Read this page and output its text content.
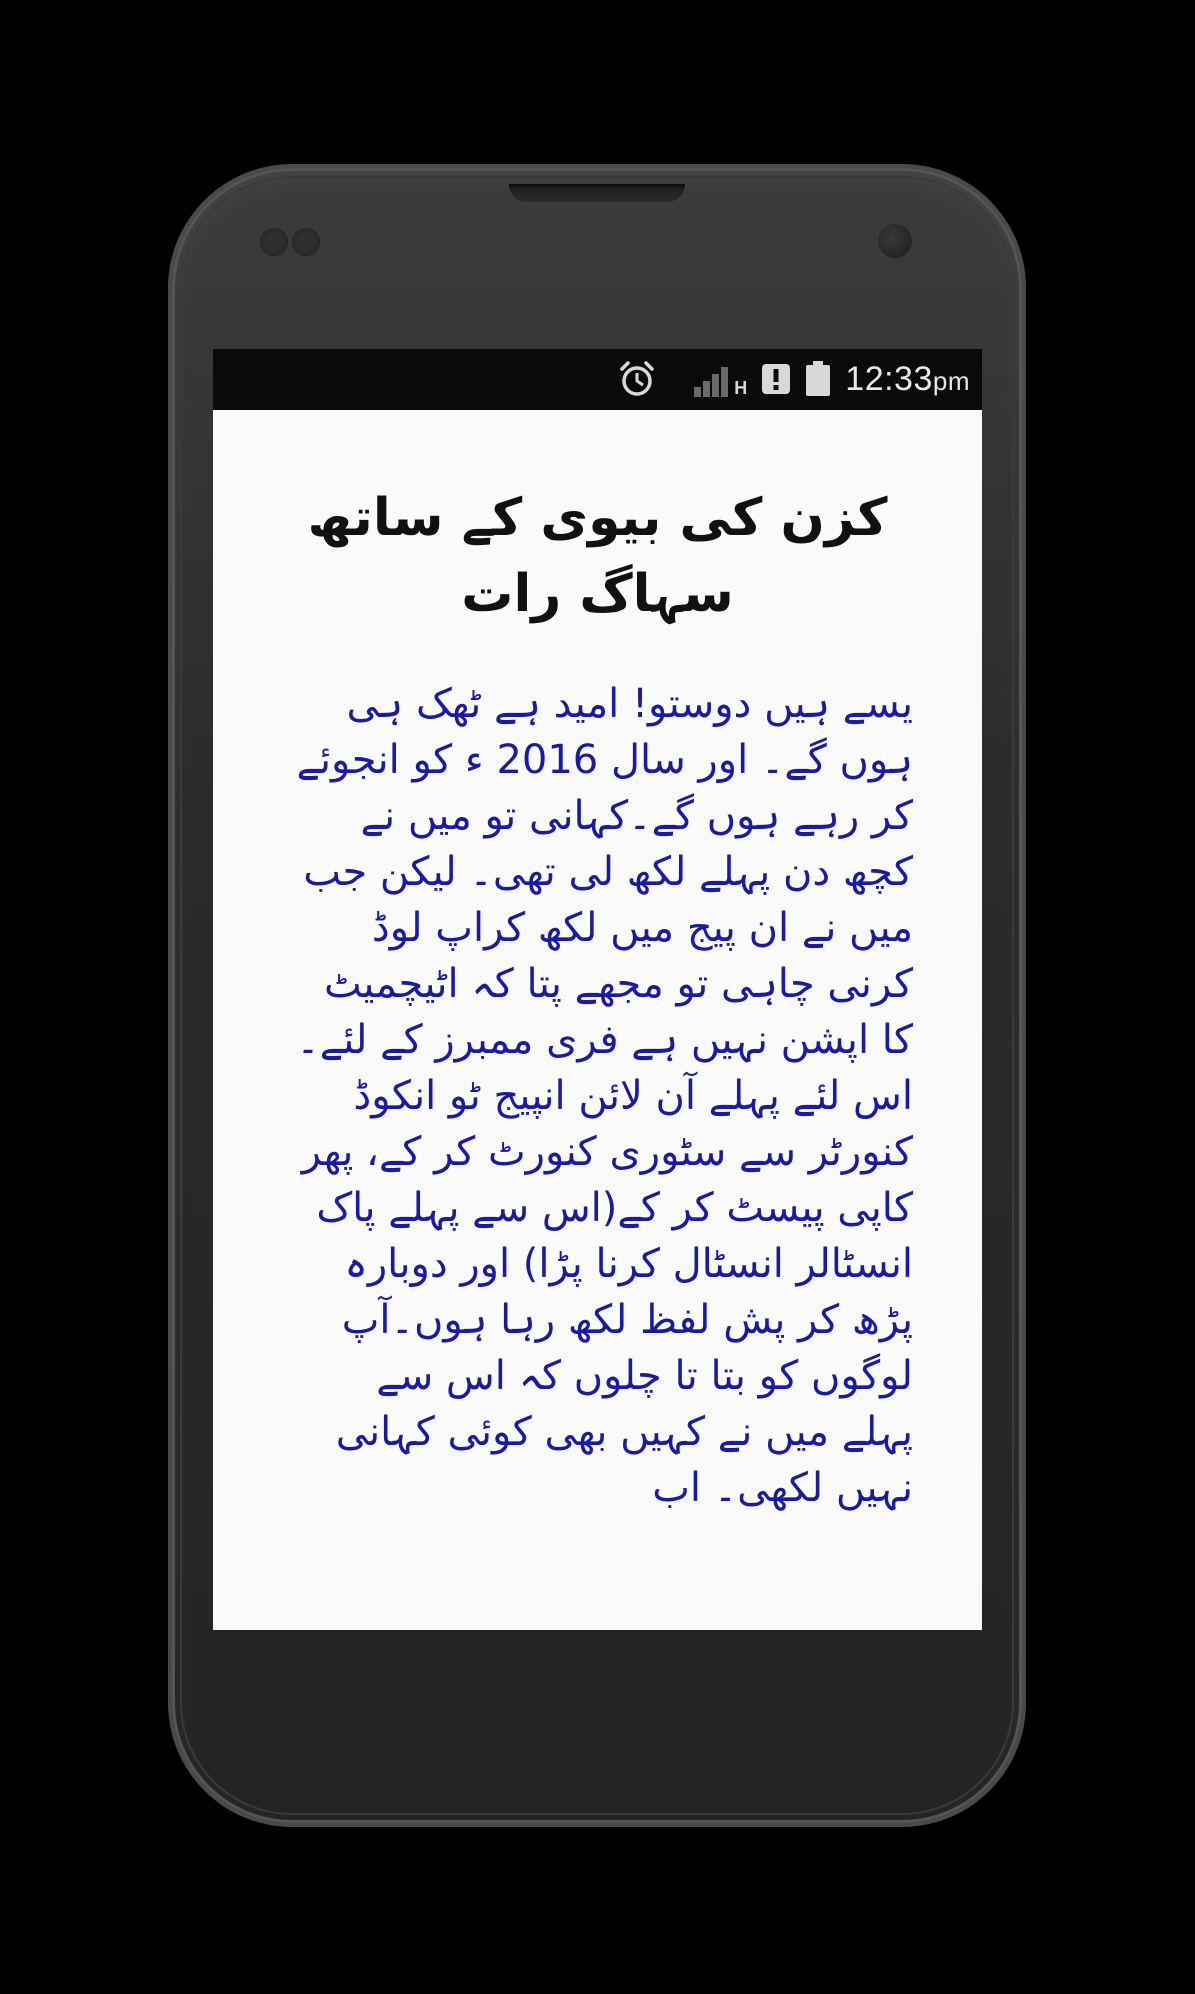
H	12:33pm
کزن کی بیوی کے ساتھ سہاگ رات

یسے ہیں دوستو! امید ہے ٹھک ہی ہوں گے۔ اور سال 2016 ء کو انجوئے کر رہے ہوں گے۔کہانی تو میں نے کچھ دن پہلے لکھ لی تھی۔ لیکن جب میں نے ان پیج میں لکھ کراپ لوڈ کرنی چاہی تو مجھے پتا کہ اٹیچمیٹ کا اپشن نہیں ہے فری ممبرز کے لئے۔ اس لئے پہلے آن لائن انپیج ٹو انکوڈ کنورٹر سے سٹوری کنورٹ کر کے، پھر کاپی پیسٹ کر کے(اس سے پہلے پاک انسٹالر انسٹال کرنا پڑا) اور دوبارہ پڑھ کر پش لفظ لکھ رہا ہوں۔آپ لوگوں کو بتا تا چلوں کہ اس سے پہلے میں نے کہیں بھی کوئی کہانی نہیں لکھی۔ اب
